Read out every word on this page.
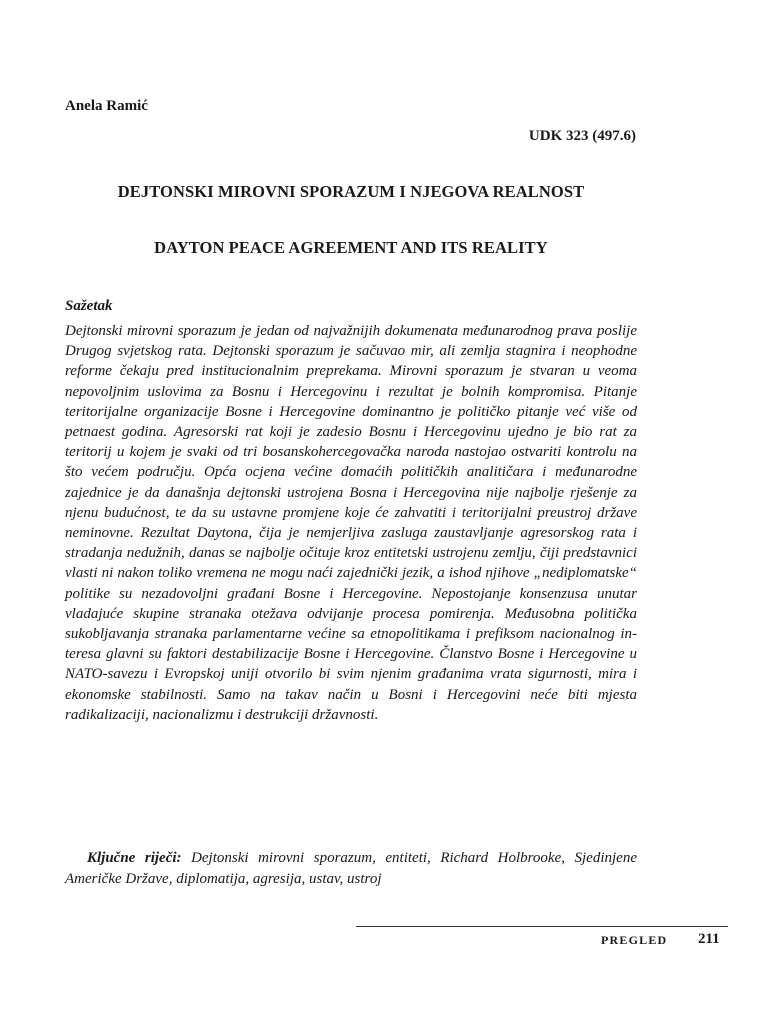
Anela Ramić

UDK 323 (497.6)

DEJTONSKI MIROVNI SPORAZUM I NJEGOVA REALNOST
DAYTON PEACE AGREEMENT AND ITS REALITY
Sažetak

Dejtonski mirovni sporazum je jedan od najvažnijih dokumenata međunarodnog prava poslije Drugog svjetskog rata. Dejtonski sporazum je sačuvao mir, ali zemlja stagnira i neophodne reforme čekaju pred institucionalnim preprekama. Mirovni sporazum je stvaran u veoma nepovoljnim uslovima za Bosnu i Hercegovinu i rezultat je bolnih kompromisa. Pitanje teritorijalne organizacije Bosne i Hercegovine dominantno je političko pitanje već više od petnaest godina. Agresorski rat koji je zadesio Bosnu i Hercegovinu ujedno je bio rat za teritorij u kojem je svaki od tri bosanskohercegovačka naroda nastojao ostvariti kontrolu na što većem području. Opća ocjena većine domaćih političkih analitičara i međunarodne zajednice je da današnja dejtonski ustrojena Bosna i Hercegovina nije najbolje rješenje za njenu budućnost, te da su ustavne promjene koje će zahvatiti i teritorijalni preustroj države neminovne. Rezultat Daytona, čija je nemjerljiva zasluga zaustavljanje agresorskog rata i stradanja nedužnih, danas se najbolje očituje kroz entitetski ustrojenu zemlju, čiji predstavnici vlasti ni nakon toliko vremena ne mogu naći zajednički jezik, a ishod njihove „nediplomatske“ politike su nezadovoljni građani Bosne i Hercegovine. Nepostojanje konsenzusa unutar vladajuće skupine stranaka otežava odvijanje procesa pomirenja. Međusobna politička sukobljavanja stranaka parlamentarne većine sa etnopolitikama i prefiksom nacionalnog interesa glavni su faktori destabilizacije Bosne i Hercegovine. Članstvo Bosne i Hercegovine u NATO-savezu i Evropskoj uniji otvorilo bi svim njenim građanima vrata sigurnosti, mira i ekonomske stabilnosti. Samo na takav način u Bosni i Hercegovini neće biti mjesta radikalizaciji, nacionalizmu i destrukciji državnosti.

Ključne riječi: Dejtonski mirovni sporazum, entiteti, Richard Holbrooke, Sjedinjene Američke Države, diplomatija, agresija, ustav, ustroj

PREGLED 211
